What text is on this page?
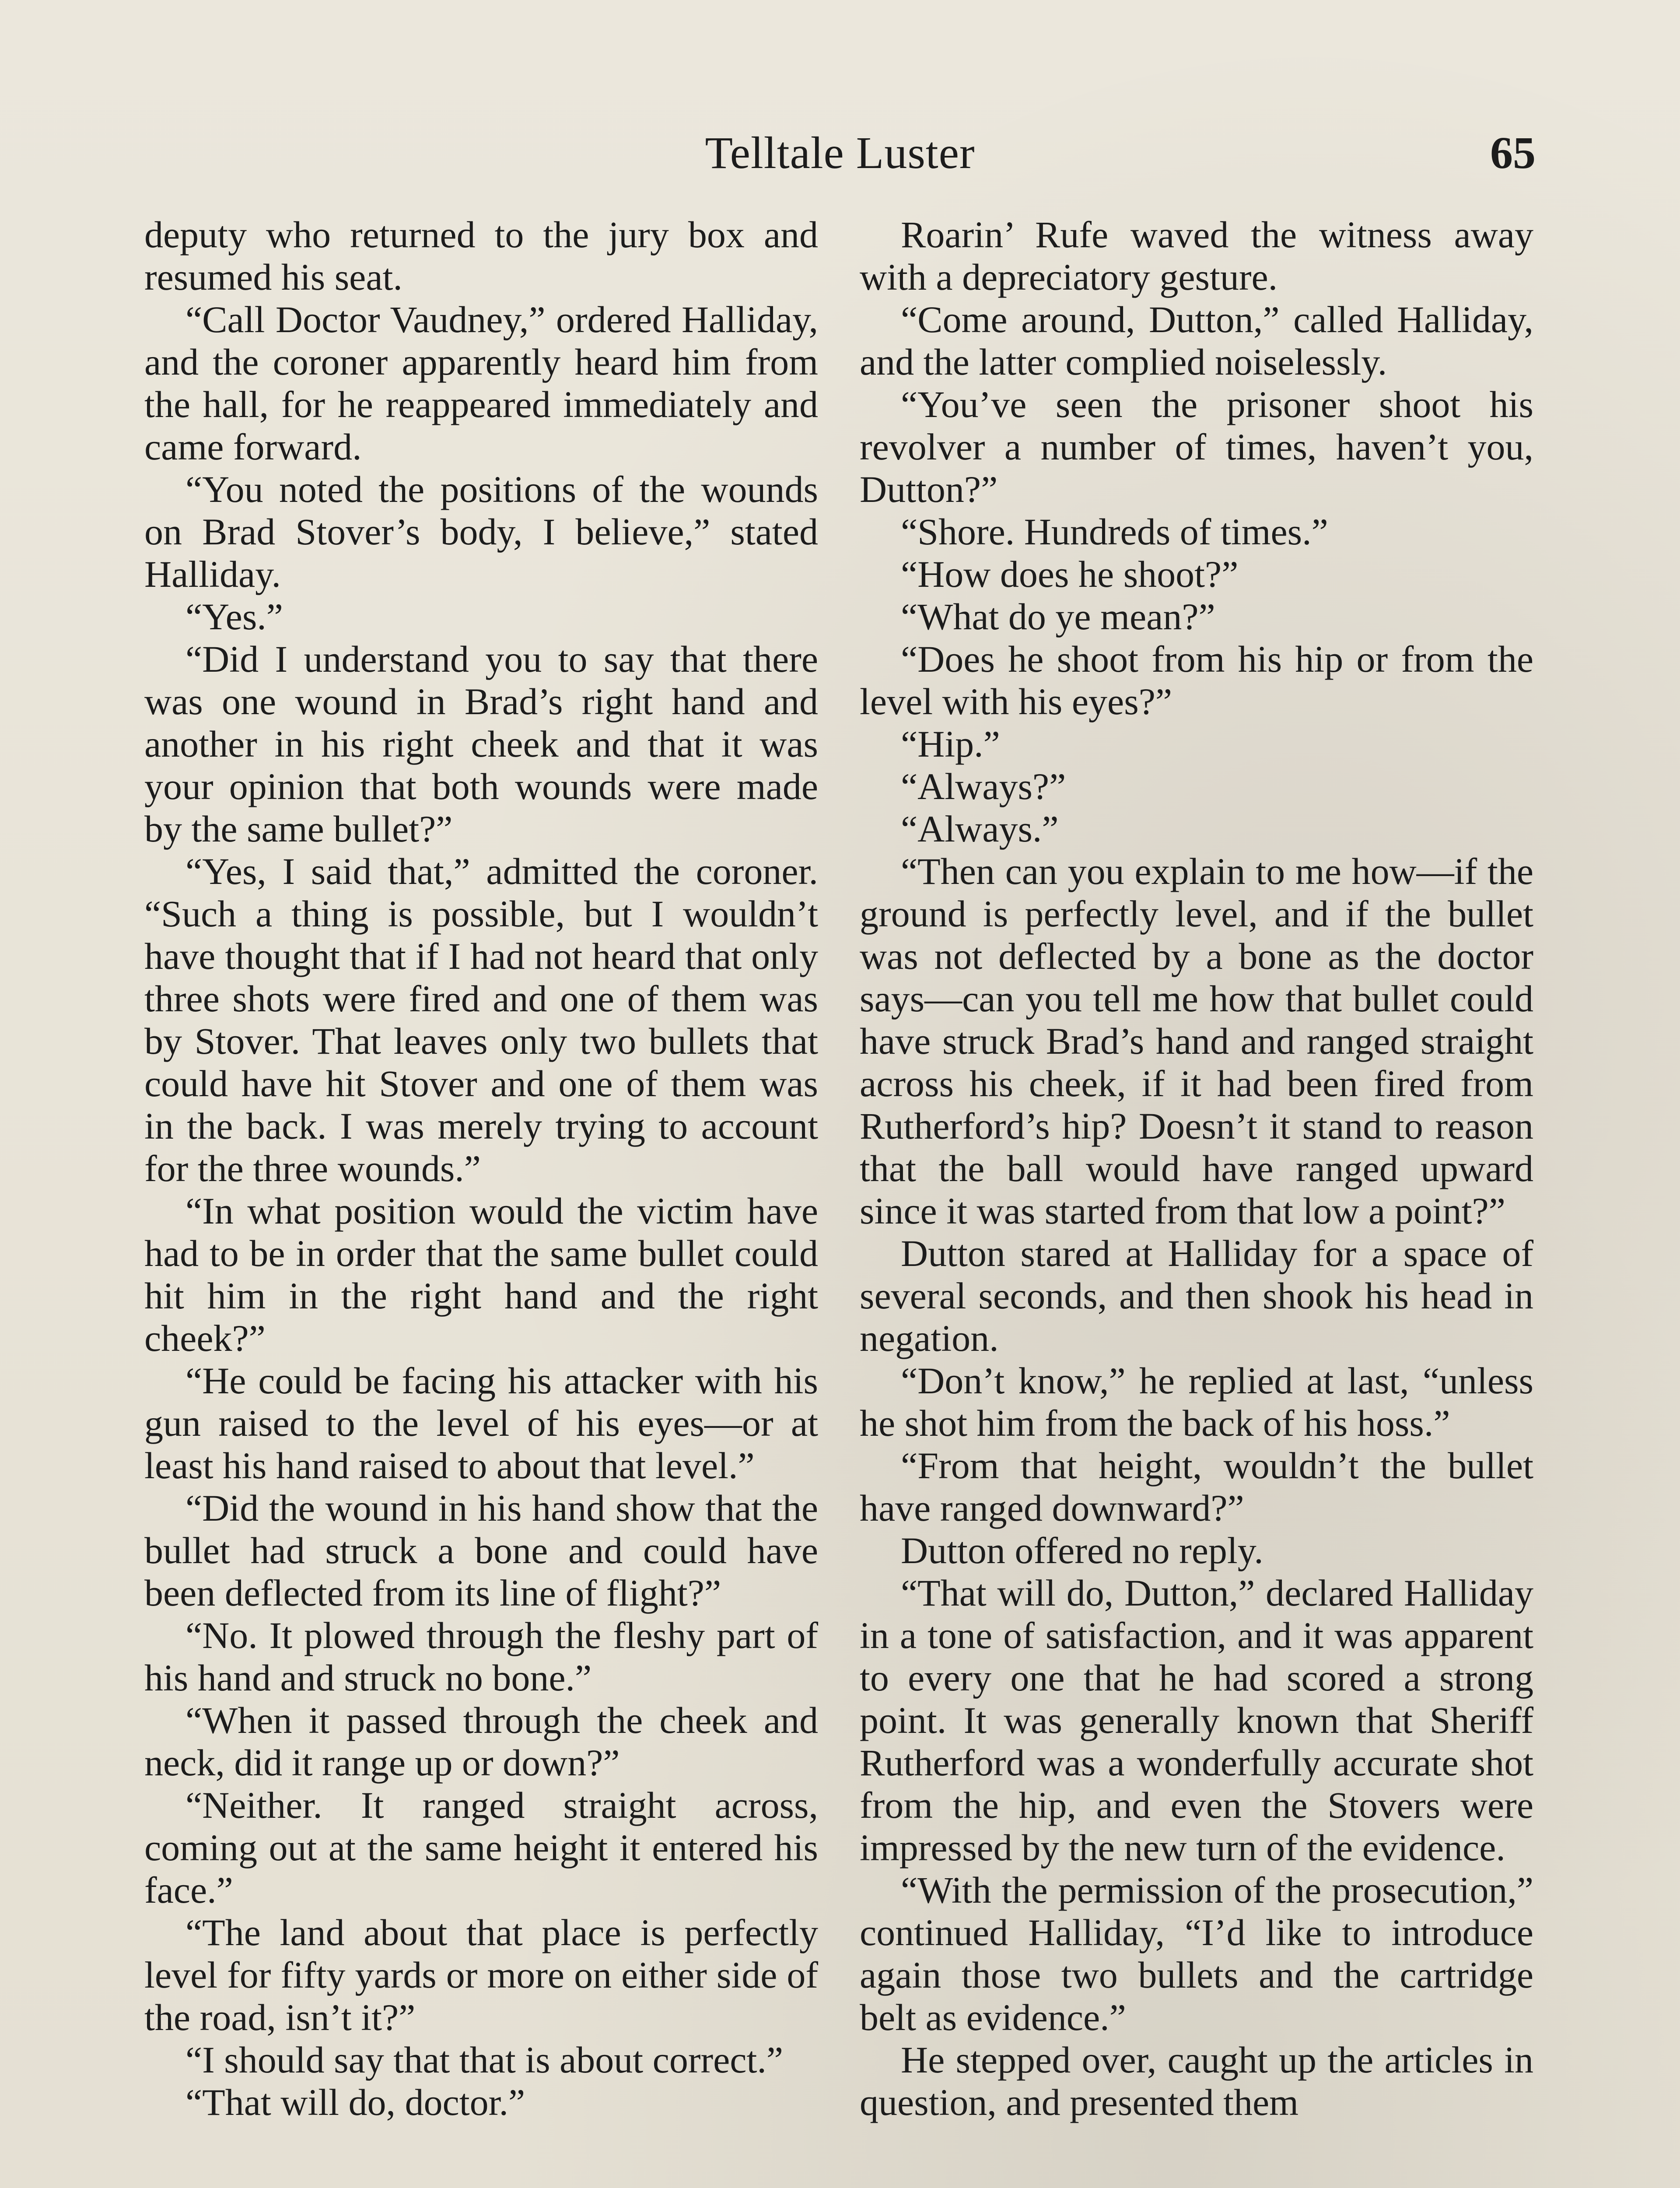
Telltale Luster	65

deputy who returned to the jury box and resumed his seat.

“Call Doctor Vaudney,” ordered Halliday, and the coroner apparently heard him from the hall, for he reappeared immediately and came forward.

“You noted the positions of the wounds on Brad Stover’s body, I believe,” stated Halliday.

“Yes.”

“Did I understand you to say that there was one wound in Brad’s right hand and another in his right cheek and that it was your opinion that both wounds were made by the same bullet?”

“Yes, I said that,” admitted the coroner. “Such a thing is possible, but I wouldn’t have thought that if I had not heard that only three shots were fired and one of them was by Stover. That leaves only two bullets that could have hit Stover and one of them was in the back. I was merely trying to account for the three wounds.”

“In what position would the victim have had to be in order that the same bullet could hit him in the right hand and the right cheek?”

“He could be facing his attacker with his gun raised to the level of his eyes—or at least his hand raised to about that level.”

“Did the wound in his hand show that the bullet had struck a bone and could have been deflected from its line of flight?”

“No. It plowed through the fleshy part of his hand and struck no bone.”

“When it passed through the cheek and neck, did it range up or down?”

“Neither. It ranged straight across, coming out at the same height it entered his face.”

“The land about that place is perfectly level for fifty yards or more on either side of the road, isn’t it?”

“I should say that that is about correct.”

“That will do, doctor.”

Roarin’ Rufe waved the witness away with a depreciatory gesture.

“Come around, Dutton,” called Halliday, and the latter complied noiselessly.

“You’ve seen the prisoner shoot his revolver a number of times, haven’t you, Dutton?”

“Shore. Hundreds of times.”

“How does he shoot?”

“What do ye mean?”

“Does he shoot from his hip or from the level with his eyes?”

“Hip.”

“Always?”

“Always.”

“Then can you explain to me how—if the ground is perfectly level, and if the bullet was not deflected by a bone as the doctor says—can you tell me how that bullet could have struck Brad’s hand and ranged straight across his cheek, if it had been fired from Rutherford’s hip? Doesn’t it stand to reason that the ball would have ranged upward since it was started from that low a point?”

Dutton stared at Halliday for a space of several seconds, and then shook his head in negation.

“Don’t know,” he replied at last, “unless he shot him from the back of his hoss.”

“From that height, wouldn’t the bullet have ranged downward?”

Dutton offered no reply.

“That will do, Dutton,” declared Halliday in a tone of satisfaction, and it was apparent to every one that he had scored a strong point. It was generally known that Sheriff Rutherford was a wonderfully accurate shot from the hip, and even the Stovers were impressed by the new turn of the evidence.

“With the permission of the prosecution,” continued Halliday, “I’d like to introduce again those two bullets and the cartridge belt as evidence.”

He stepped over, caught up the articles in question, and presented them
